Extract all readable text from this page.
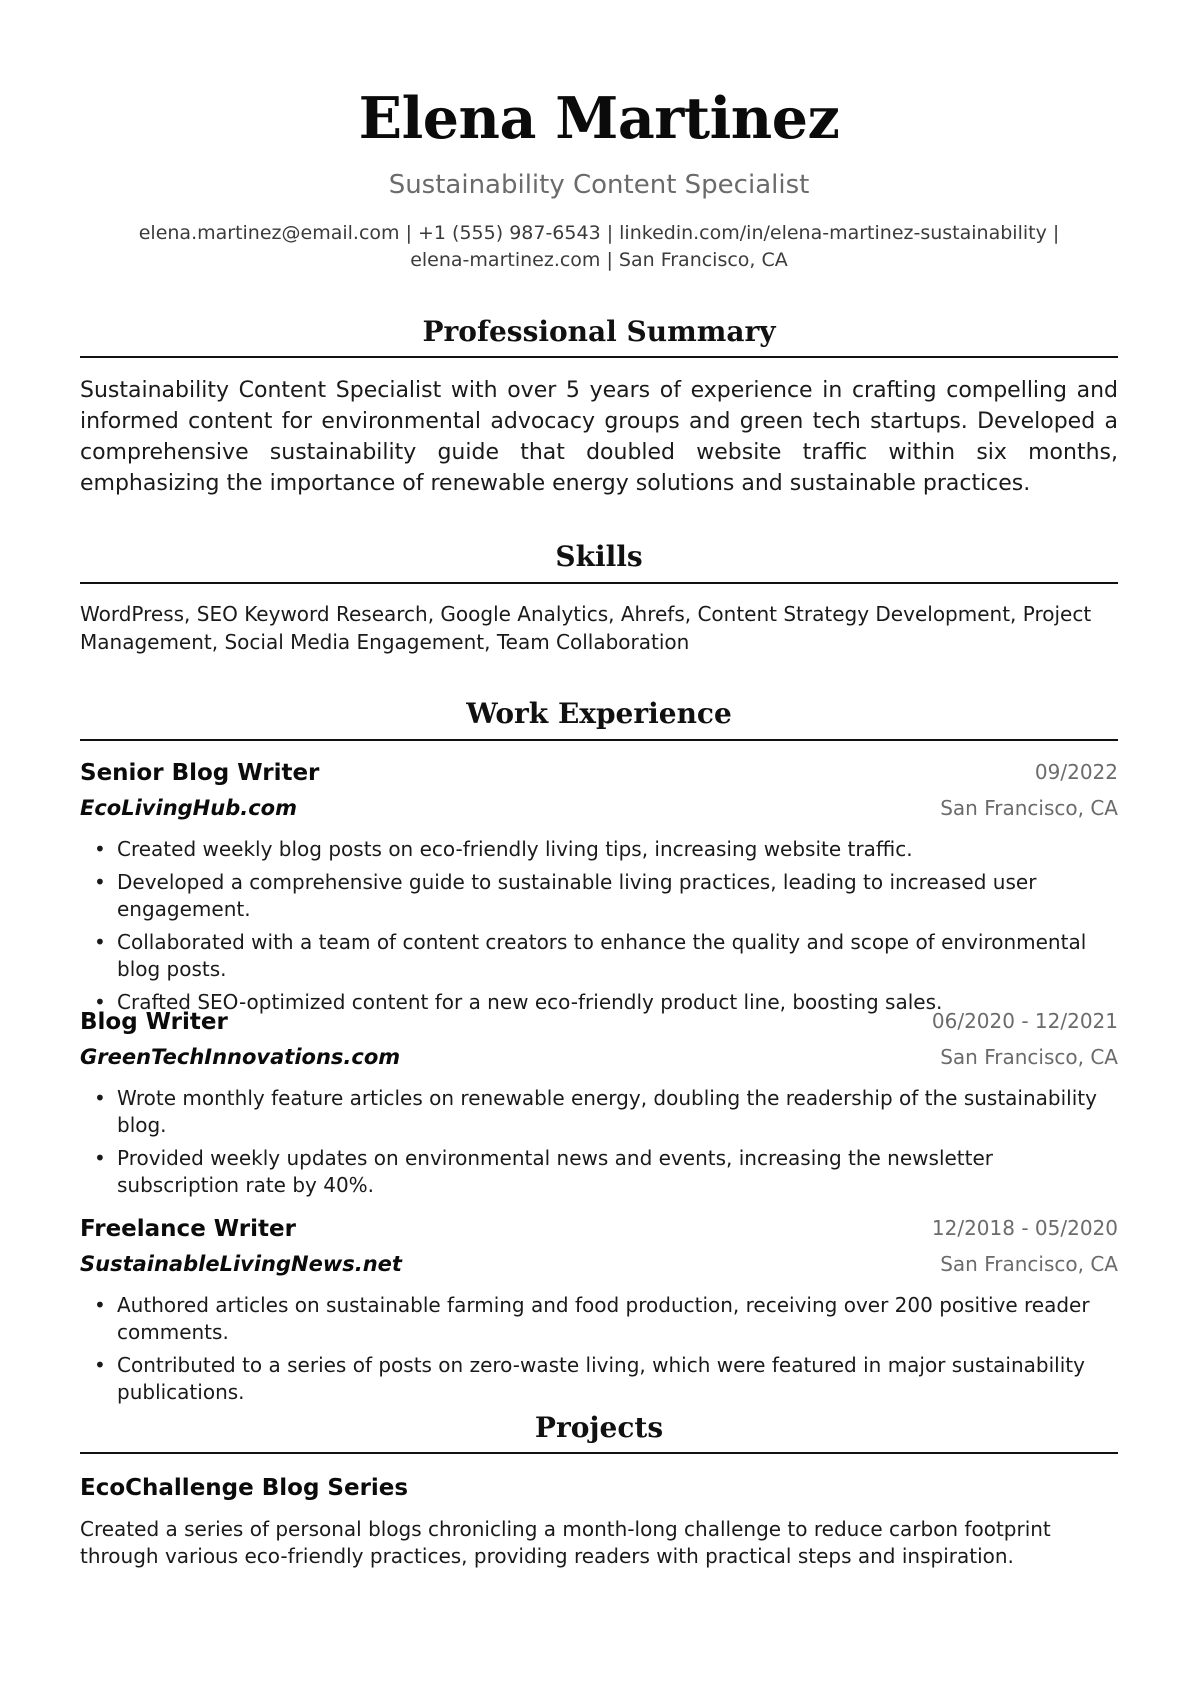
Elena Martinez
Sustainability Content Specialist
elena.martinez@email.com | +1 (555) 987-6543 | linkedin.com/in/elena-martinez-sustainability |
elena-martinez.com | San Francisco, CA
Professional Summary
Sustainability Content Specialist with over 5 years of experience in crafting compelling and informed content for environmental advocacy groups and green tech startups. Developed a comprehensive sustainability guide that doubled website traffic within six months, emphasizing the importance of renewable energy solutions and sustainable practices.
Skills
WordPress, SEO Keyword Research, Google Analytics, Ahrefs, Content Strategy Development, Project Management, Social Media Engagement, Team Collaboration
Work Experience
Senior Blog Writer	09/2022
EcoLivingHub.com	San Francisco, CA
• Created weekly blog posts on eco-friendly living tips, increasing website traffic.
• Developed a comprehensive guide to sustainable living practices, leading to increased user engagement.
• Collaborated with a team of content creators to enhance the quality and scope of environmental blog posts.
• Crafted SEO-optimized content for a new eco-friendly product line, boosting sales.
Blog Writer	06/2020 - 12/2021
GreenTechInnovations.com	San Francisco, CA
• Wrote monthly feature articles on renewable energy, doubling the readership of the sustainability blog.
• Provided weekly updates on environmental news and events, increasing the newsletter subscription rate by 40%.
Freelance Writer	12/2018 - 05/2020
SustainableLivingNews.net	San Francisco, CA
• Authored articles on sustainable farming and food production, receiving over 200 positive reader comments.
• Contributed to a series of posts on zero-waste living, which were featured in major sustainability publications.
Projects
EcoChallenge Blog Series
Created a series of personal blogs chronicling a month-long challenge to reduce carbon footprint through various eco-friendly practices, providing readers with practical steps and inspiration.
